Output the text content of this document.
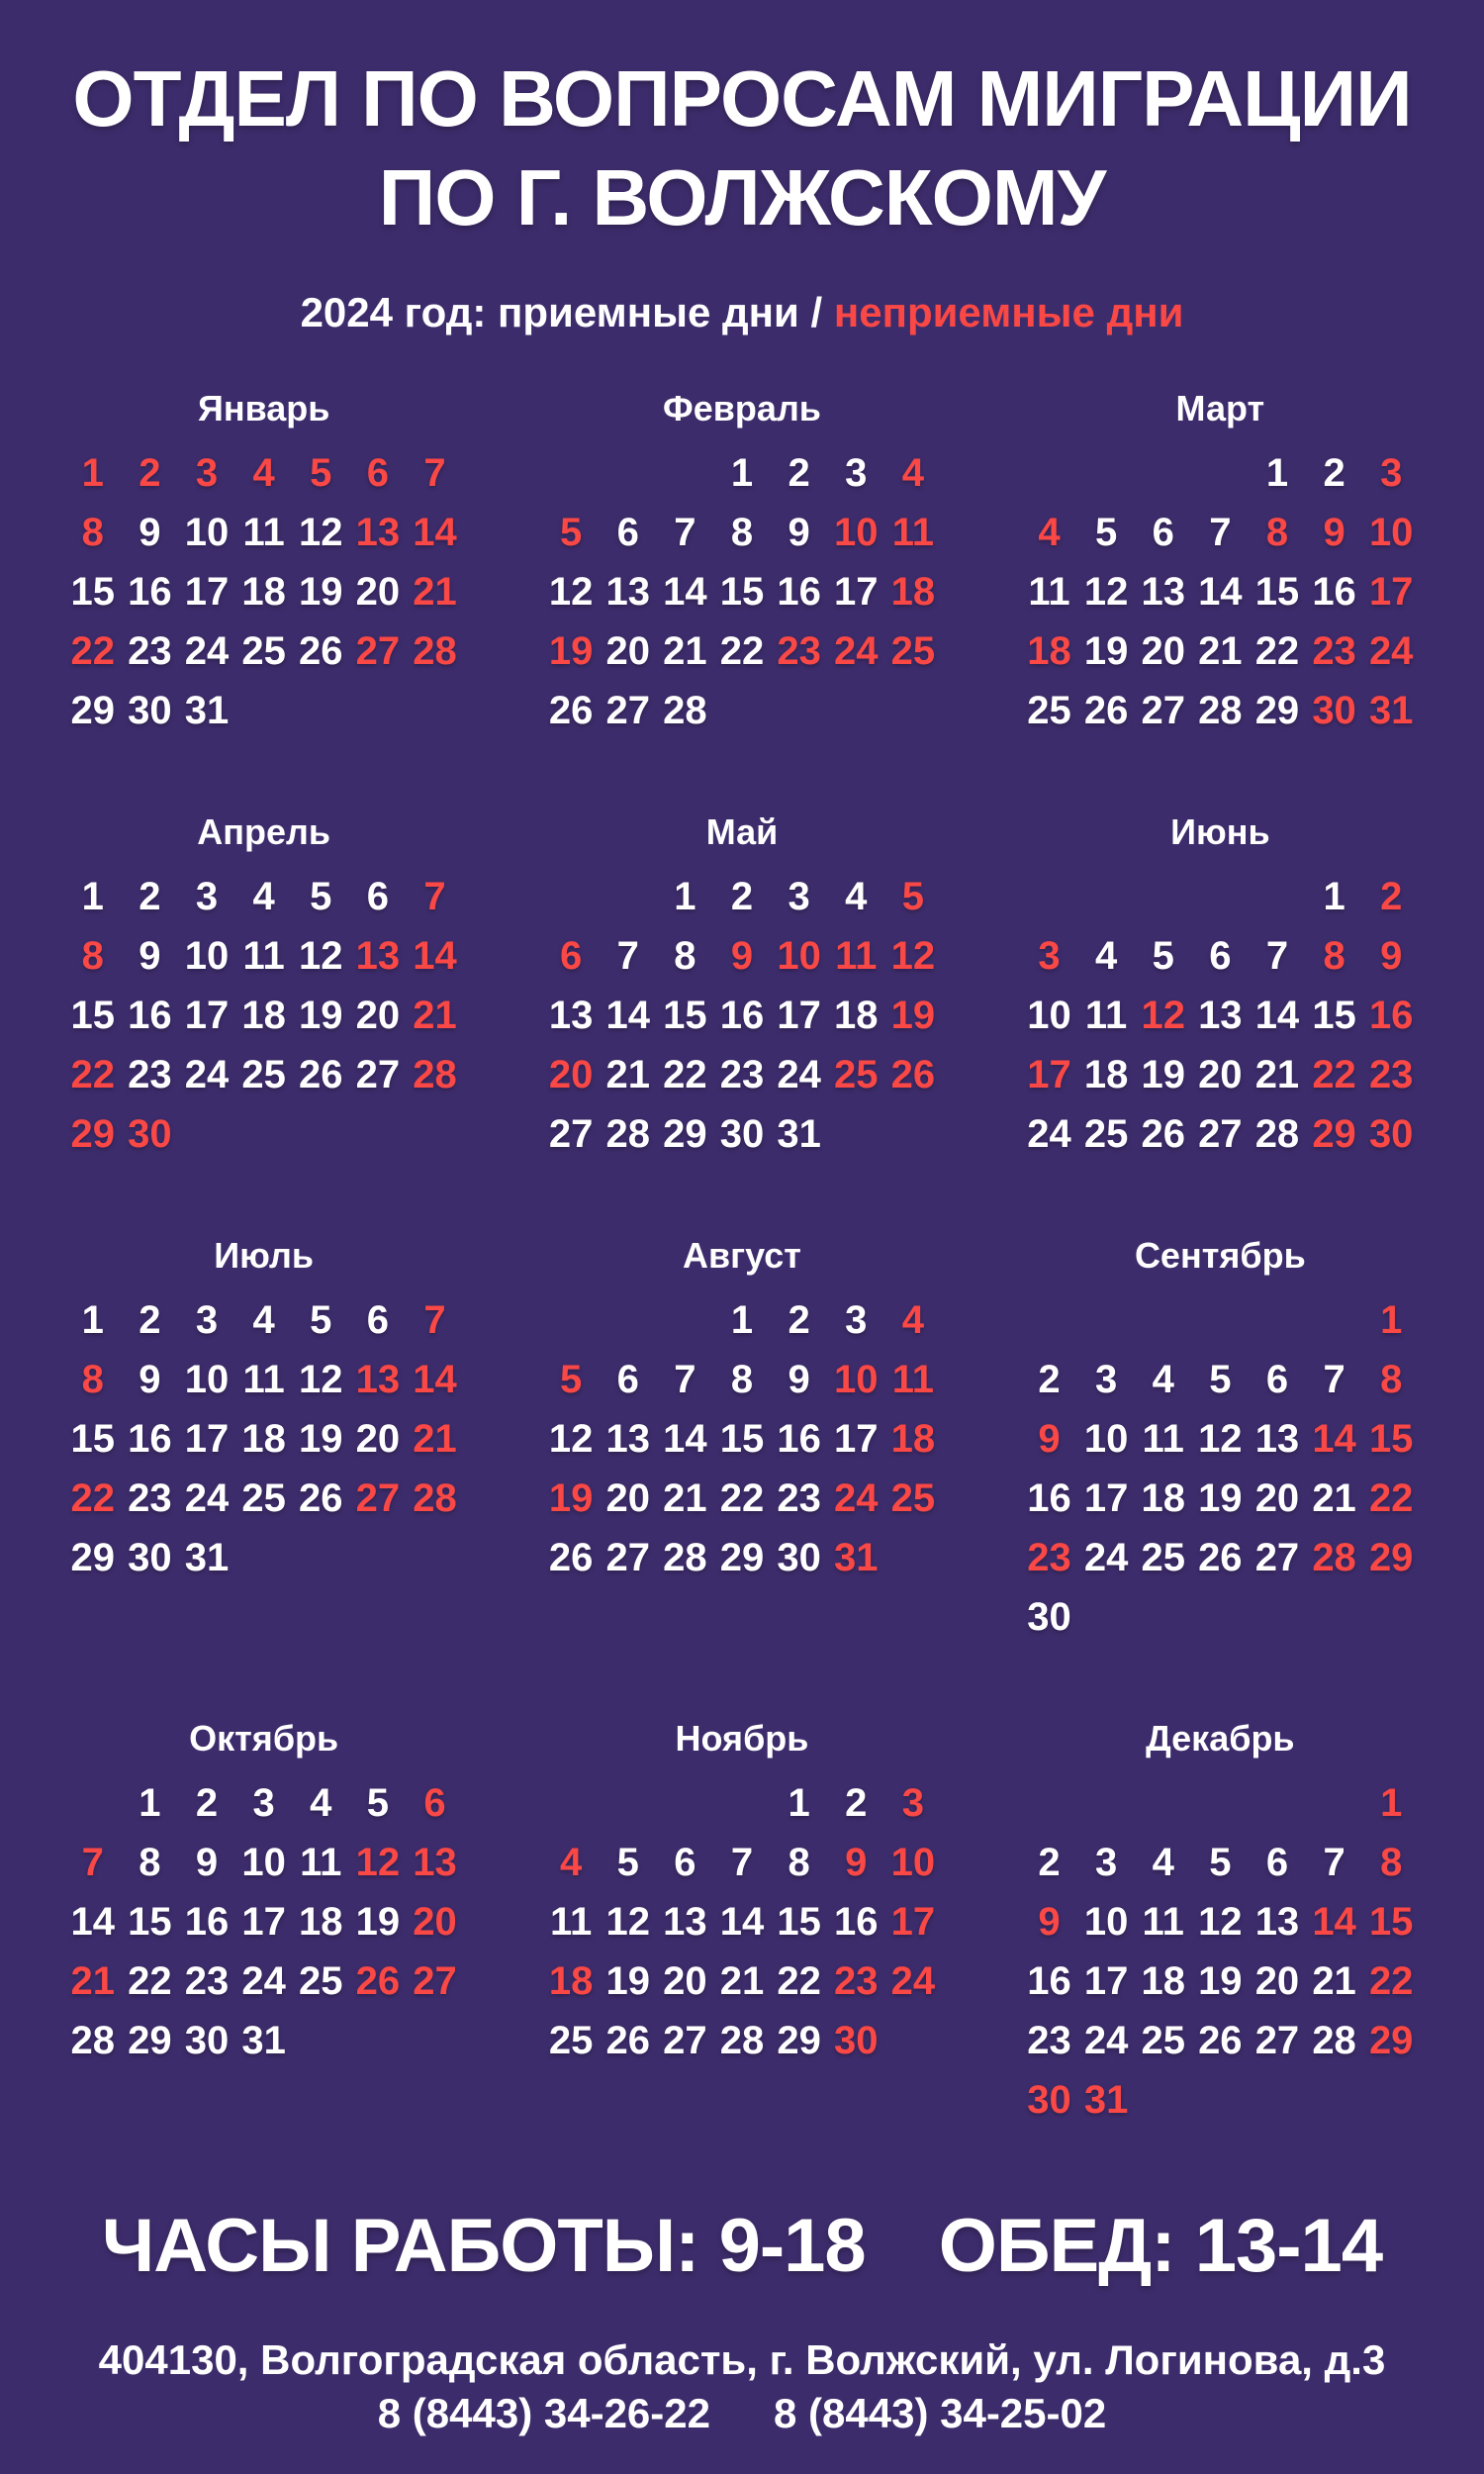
ОТДЕЛ ПО ВОПРОСАМ МИГРАЦИИ
ПО Г. ВОЛЖСКОМУ
2024 год: приемные дни / неприемные дни
Январь
1 2 3 4 5 6 7
8 9 10 11 12 13 14
15 16 17 18 19 20 21
22 23 24 25 26 27 28
29 30 31
Февраль
1 2 3 4
5 6 7 8 9 10 11
12 13 14 15 16 17 18
19 20 21 22 23 24 25
26 27 28
Март
1 2 3
4 5 6 7 8 9 10
11 12 13 14 15 16 17
18 19 20 21 22 23 24
25 26 27 28 29 30 31
Апрель
1 2 3 4 5 6 7
8 9 10 11 12 13 14
15 16 17 18 19 20 21
22 23 24 25 26 27 28
29 30
Май
1 2 3 4 5
6 7 8 9 10 11 12
13 14 15 16 17 18 19
20 21 22 23 24 25 26
27 28 29 30 31
Июнь
1 2
3 4 5 6 7 8 9
10 11 12 13 14 15 16
17 18 19 20 21 22 23
24 25 26 27 28 29 30
Июль
1 2 3 4 5 6 7
8 9 10 11 12 13 14
15 16 17 18 19 20 21
22 23 24 25 26 27 28
29 30 31
Август
1 2 3 4
5 6 7 8 9 10 11
12 13 14 15 16 17 18
19 20 21 22 23 24 25
26 27 28 29 30 31
Сентябрь
1
2 3 4 5 6 7 8
9 10 11 12 13 14 15
16 17 18 19 20 21 22
23 24 25 26 27 28 29
30
Октябрь
1 2 3 4 5 6
7 8 9 10 11 12 13
14 15 16 17 18 19 20
21 22 23 24 25 26 27
28 29 30 31
Ноябрь
1 2 3
4 5 6 7 8 9 10
11 12 13 14 15 16 17
18 19 20 21 22 23 24
25 26 27 28 29 30
Декабрь
1
2 3 4 5 6 7 8
9 10 11 12 13 14 15
16 17 18 19 20 21 22
23 24 25 26 27 28 29
30 31
ЧАСЫ РАБОТЫ: 9-18 ОБЕД: 13-14
404130, Волгоградская область, г. Волжский, ул. Логинова, д.3
8 (8443) 34-26-22 8 (8443) 34-25-02
